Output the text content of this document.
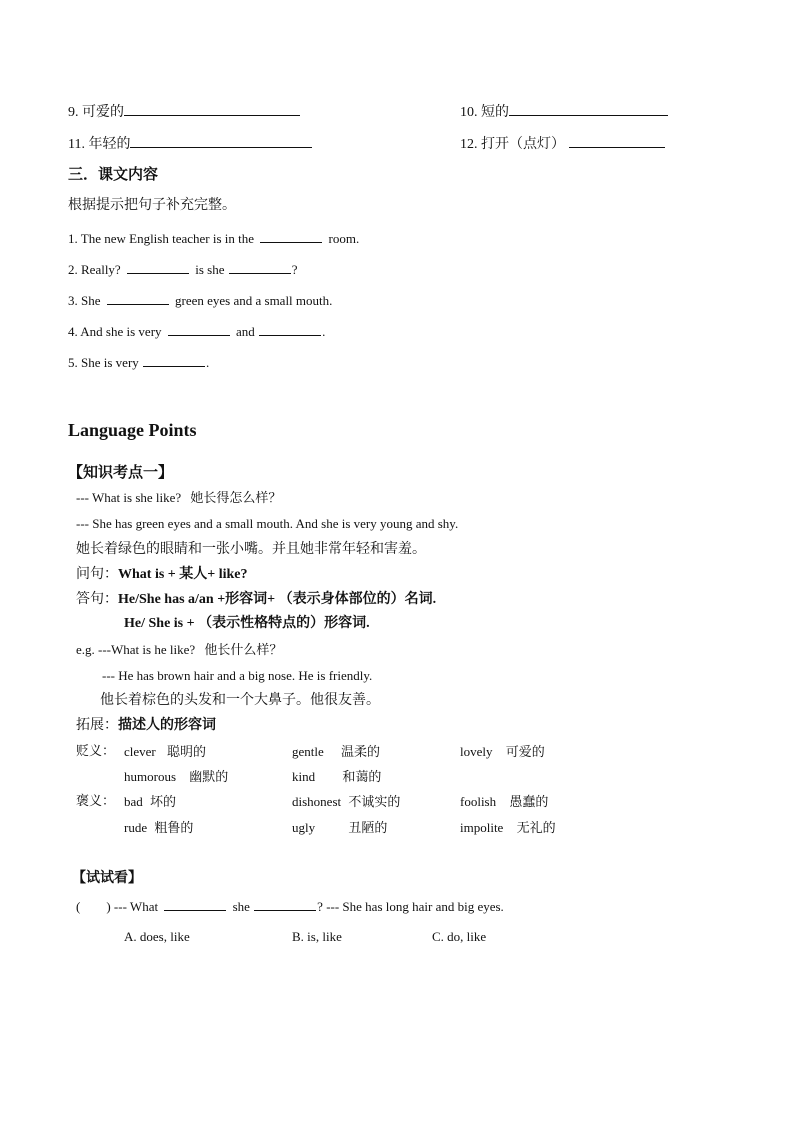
9. 可爱的	10. 短的
11. 年轻的	12. 打开（点灯）
三．课文内容
根据提示把句子补充完整。
1. The new English teacher is in the	room.
2. Really?	is she	?
3. She	green eyes and a small mouth.
4. And she is very	and	.
5. She is very	.
Language Points
【知识考点一】
--- What is she like? 她长得怎么样？
--- She has green eyes and a small mouth. And she is very young and shy.
她长着绿色的眼睛和一张小嘴。并且她非常年轻和害羞。
问句：What is + 某人+ like?
答句：He/She has a/an +形容词+ （表示身体部位的）名词.
He/ She is + （表示性格特点的）形容词.
e.g. ---What is he like? 他长什么样？
--- He has brown hair and a big nose. He is friendly.
他长着棕色的头发和一个大鼻子。他很友善。
拓展：描述人的形容词
贬义： clever 聪明的	gentle 温柔的	lovely 可爱的
humorous 幽默的	kind 和蔼的
褒义： bad 坏的	dishonest 不诚实的	foolish 愚蠢的
rude 粗鲁的	ugly	丑陋的	impolite 无礼的
【试试看】
(        ) --- What	she	? --- She has long hair and big eyes.
A. does, like	B. is, like	C. do, like
